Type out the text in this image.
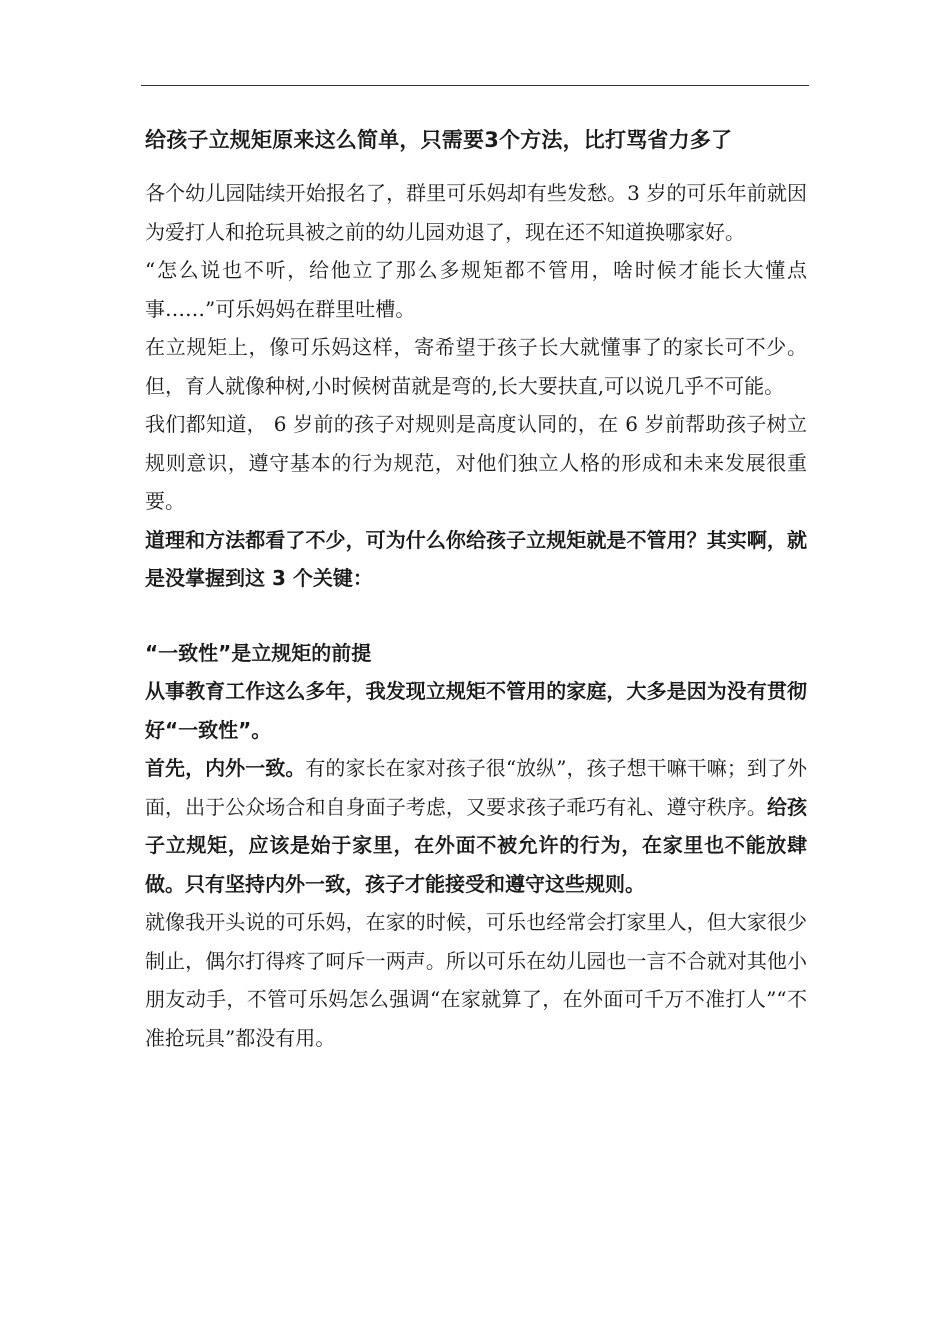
给孩子立规矩原来这么简单，只需要3个方法，比打骂省力多了

各个幼儿园陆续开始报名了，群里可乐妈却有些发愁。3 岁的可乐年前就因为爱打人和抢玩具被之前的幼儿园劝退了，现在还不知道换哪家好。

“怎么说也不听，给他立了那么多规矩都不管用，啥时候才能长大懂点事……”可乐妈妈在群里吐槽。

在立规矩上，像可乐妈这样，寄希望于孩子长大就懂事了的家长可不少。但，育人就像种树,小时候树苗就是弯的,长大要扶直,可以说几乎不可能。

我们都知道， 6 岁前的孩子对规则是高度认同的，在 6 岁前帮助孩子树立规则意识，遵守基本的行为规范，对他们独立人格的形成和未来发展很重要。

道理和方法都看了不少，可为什么你给孩子立规矩就是不管用？其实啊，就是没掌握到这 3 个关键：

“一致性”是立规矩的前提

从事教育工作这么多年，我发现立规矩不管用的家庭，大多是因为没有贯彻好“一致性”。

首先，内外一致。有的家长在家对孩子很“放纵”，孩子想干嘛干嘛；到了外面，出于公众场合和自身面子考虑，又要求孩子乖巧有礼、遵守秩序。给孩子立规矩，应该是始于家里，在外面不被允许的行为，在家里也不能放肆做。只有坚持内外一致，孩子才能接受和遵守这些规则。

就像我开头说的可乐妈，在家的时候，可乐也经常会打家里人，但大家很少制止，偶尔打得疼了呵斥一两声。所以可乐在幼儿园也一言不合就对其他小朋友动手，不管可乐妈怎么强调“在家就算了，在外面可千万不准打人”“不准抢玩具”都没有用。
